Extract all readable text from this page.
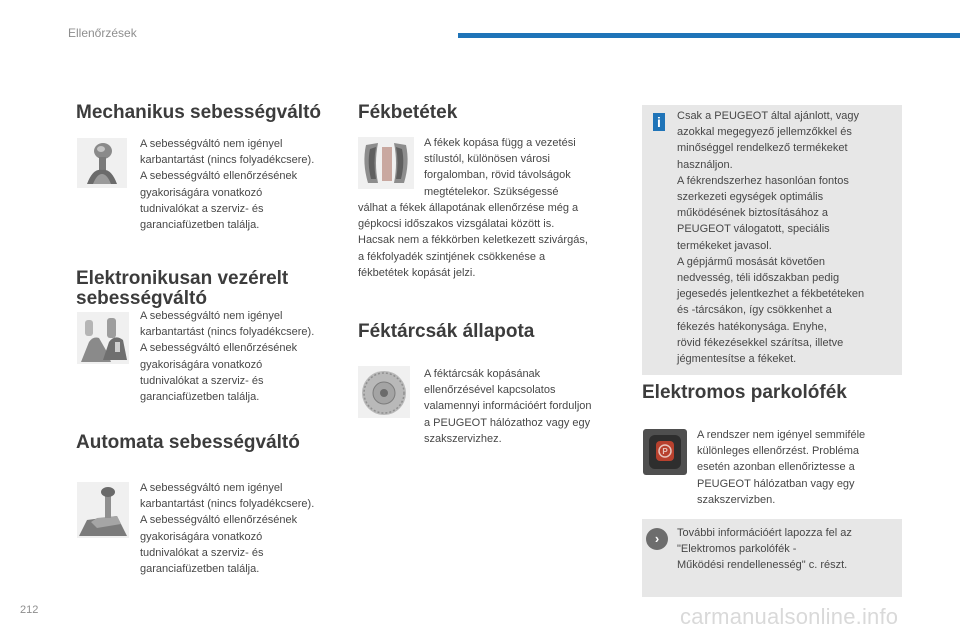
Ellenőrzések
Mechanikus sebességváltó
A sebességváltó nem igényel
karbantartást (nincs folyadékcsere).
A sebességváltó ellenőrzésének
gyakoriságára vonatkozó
tudnivalókat a szerviz- és
garanciafüzetben találja.
Elektronikusan vezérelt
sebességváltó
A sebességváltó nem igényel
karbantartást (nincs folyadékcsere).
A sebességváltó ellenőrzésének
gyakoriságára vonatkozó
tudnivalókat a szerviz- és
garanciafüzetben találja.
Automata sebességváltó
A sebességváltó nem igényel
karbantartást (nincs folyadékcsere).
A sebességváltó ellenőrzésének
gyakoriságára vonatkozó
tudnivalókat a szerviz- és
garanciafüzetben találja.
Fékbetétek
A fékek kopása függ a vezetési
stílustól, különösen városi
forgalomban, rövid távolságok
megtételekor. Szükségessé
válhat a fékek állapotának ellenőrzése még a
gépkocsi időszakos vizsgálatai között is.
Hacsak nem a fékkörben keletkezett szivárgás,
a fékfolyadék szintjének csökkenése a
fékbetétek kopását jelzi.
Féktárcsák állapota
A féktárcsák kopásának
ellenőrzésével kapcsolatos
valamennyi információért forduljon
a PEUGEOT hálózathoz vagy egy
szakszervizhez.
i	Csak a PEUGEOT által ajánlott, vagy
azokkal megegyező jellemzőkkel és
minőséggel rendelkező termékeket
használjon.
A fékrendszerhez hasonlóan fontos
szerkezeti egységek optimális
működésének biztosításához a
PEUGEOT válogatott, speciális
termékeket javasol.
A gépjármű mosását követően
nedvesség, téli időszakban pedig
jegesedés jelentkezhet a fékbetéteken
és -tárcsákon, így csökkenhet a
fékezés hatékonysága. Enyhe,
rövid fékezésekkel szárítsa, illetve
jégmentesítse a fékeket.
Elektromos parkolófék
P
A rendszer nem igényel semmiféle
különleges ellenőrzést. Probléma
esetén azonban ellenőriztesse a
PEUGEOT hálózatban vagy egy
szakszervizben.
›	További információért lapozza fel az
"Elektromos parkolófék -
Működési rendellenesség" c. részt.
212	carmanualsonline.info
